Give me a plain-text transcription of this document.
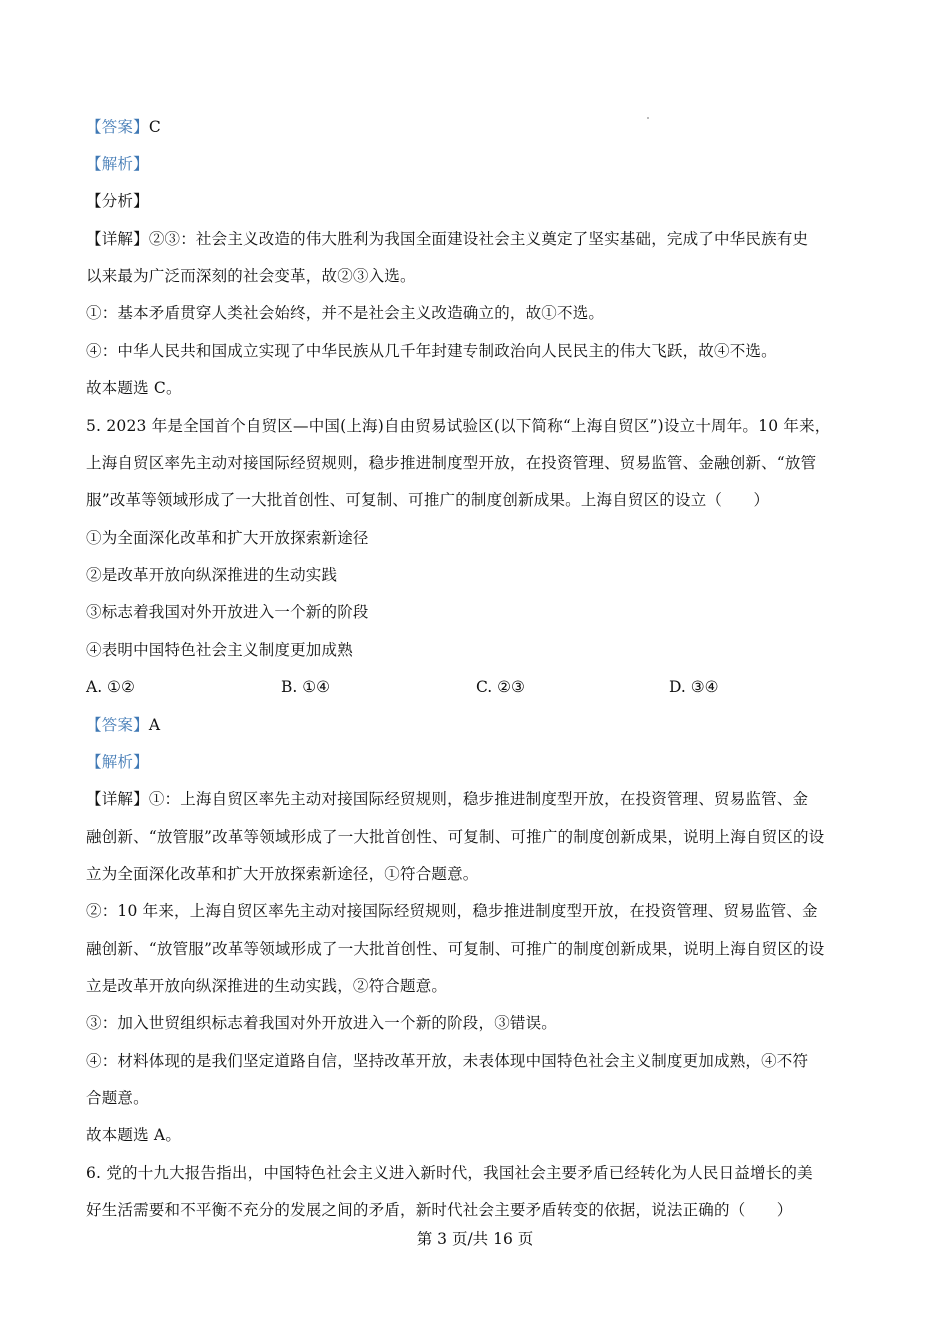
【答案】C
【解析】
【分析】
【详解】②③：社会主义改造的伟大胜利为我国全面建设社会主义奠定了坚实基础，完成了中华民族有史
以来最为广泛而深刻的社会变革，故②③入选。
①：基本矛盾贯穿人类社会始终，并不是社会主义改造确立的，故①不选。
④：中华人民共和国成立实现了中华民族从几千年封建专制政治向人民民主的伟大飞跃，故④不选。
故本题选 C。
5. 2023 年是全国首个自贸区—中国(上海)自由贸易试验区(以下简称“上海自贸区”)设立十周年。10 年来，
上海自贸区率先主动对接国际经贸规则，稳步推进制度型开放，在投资管理、贸易监管、金融创新、“放管
服”改革等领域形成了一大批首创性、可复制、可推广的制度创新成果。上海自贸区的设立（　　）
①为全面深化改革和扩大开放探索新途径
②是改革开放向纵深推进的生动实践
③标志着我国对外开放进入一个新的阶段
④表明中国特色社会主义制度更加成熟
A. ①②	B. ①④	C. ②③	D. ③④
【答案】A
【解析】
【详解】①：上海自贸区率先主动对接国际经贸规则，稳步推进制度型开放，在投资管理、贸易监管、金
融创新、“放管服”改革等领域形成了一大批首创性、可复制、可推广的制度创新成果，说明上海自贸区的设
立为全面深化改革和扩大开放探索新途径，①符合题意。
②：10 年来，上海自贸区率先主动对接国际经贸规则，稳步推进制度型开放，在投资管理、贸易监管、金
融创新、“放管服”改革等领域形成了一大批首创性、可复制、可推广的制度创新成果，说明上海自贸区的设
立是改革开放向纵深推进的生动实践，②符合题意。
③：加入世贸组织标志着我国对外开放进入一个新的阶段，③错误。
④：材料体现的是我们坚定道路自信，坚持改革开放，未表体现中国特色社会主义制度更加成熟，④不符
合题意。
故本题选 A。
6. 党的十九大报告指出，中国特色社会主义进入新时代，我国社会主要矛盾已经转化为人民日益增长的美
好生活需要和不平衡不充分的发展之间的矛盾，新时代社会主要矛盾转变的依据，说法正确的（　　）
第 3 页/共 16 页
